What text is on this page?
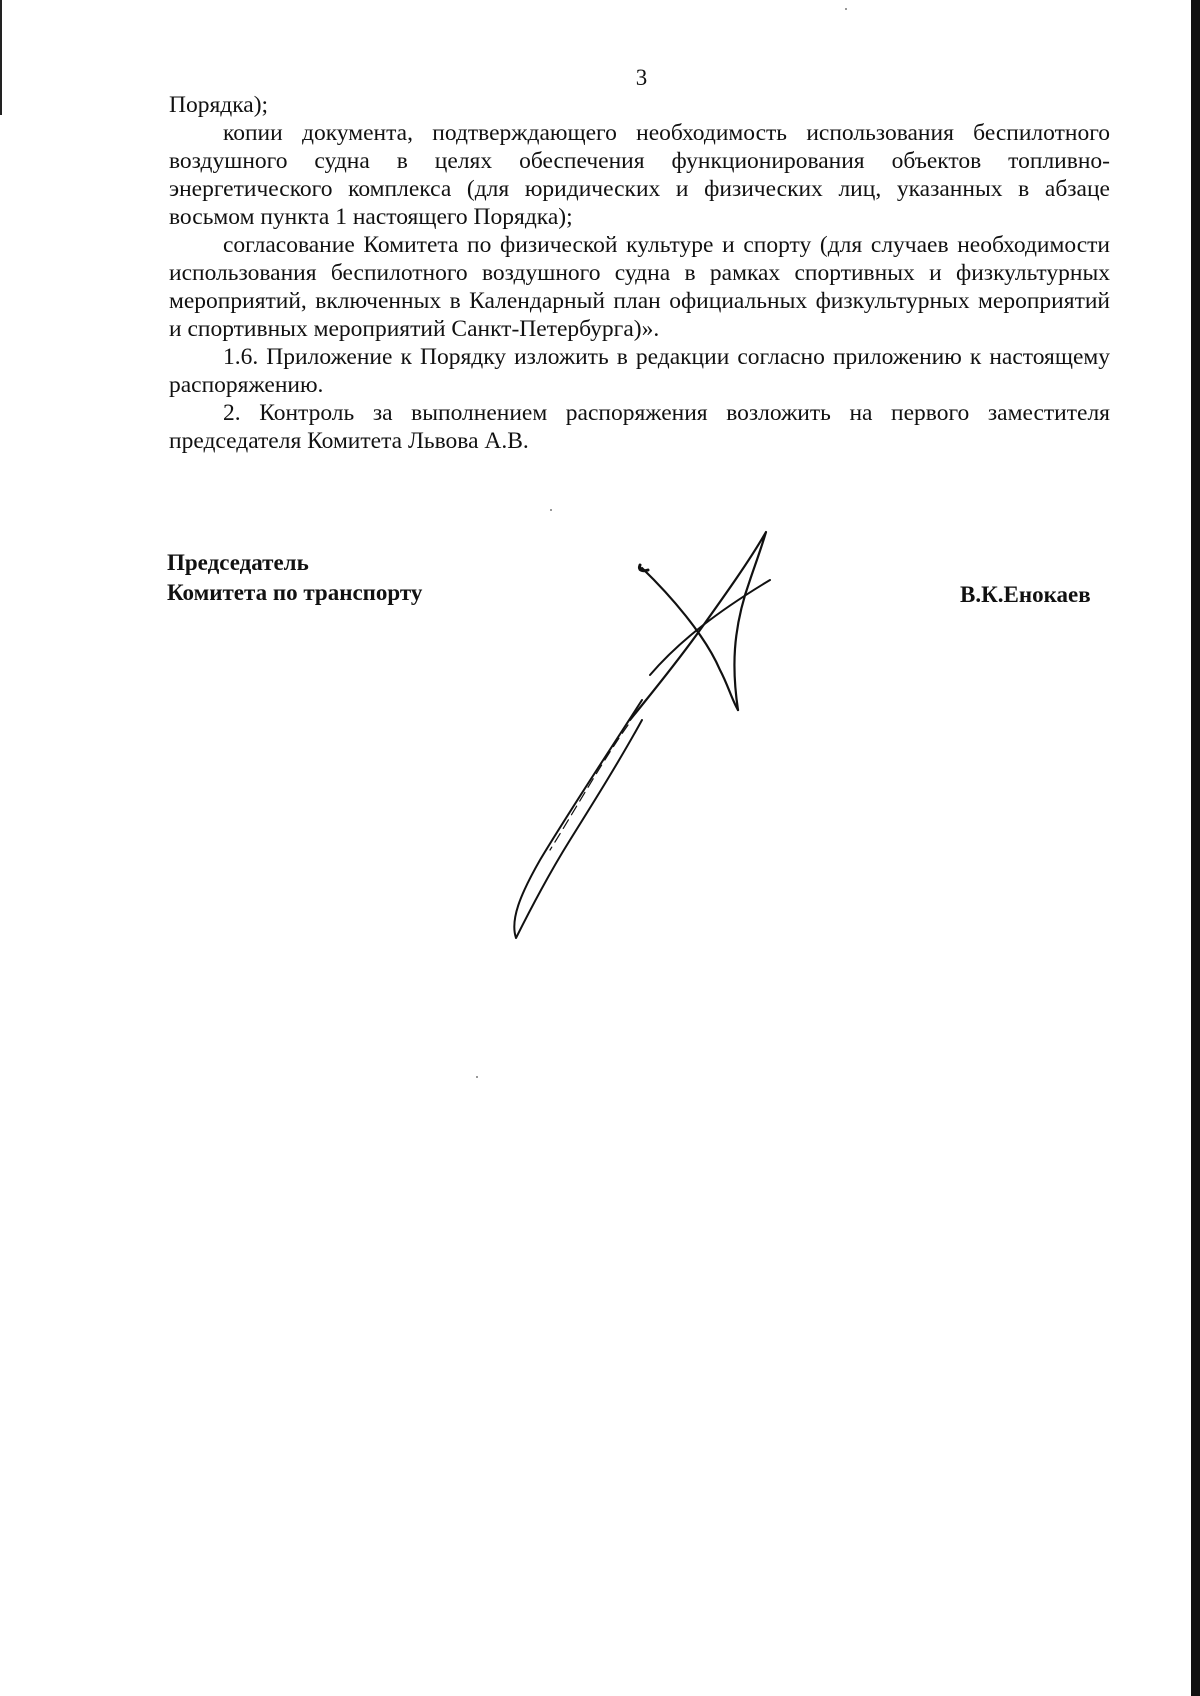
3

Порядка);

копии документа, подтверждающего необходимость использования беспилотного воздушного судна в целях обеспечения функционирования объектов топливно-энергетического комплекса (для юридических и физических лиц, указанных в абзаце восьмом пункта 1 настоящего Порядка);

согласование Комитета по физической культуре и спорту (для случаев необходимости использования беспилотного воздушного судна в рамках спортивных и физкультурных мероприятий, включенных в Календарный план официальных физкультурных мероприятий и спортивных мероприятий Санкт-Петербурга)».

1.6. Приложение к Порядку изложить в редакции согласно приложению к настоящему распоряжению.

2. Контроль за выполнением распоряжения возложить на первого заместителя председателя Комитета Львова А.В.

Председатель
Комитета по транспорту	В.К.Енокаев
